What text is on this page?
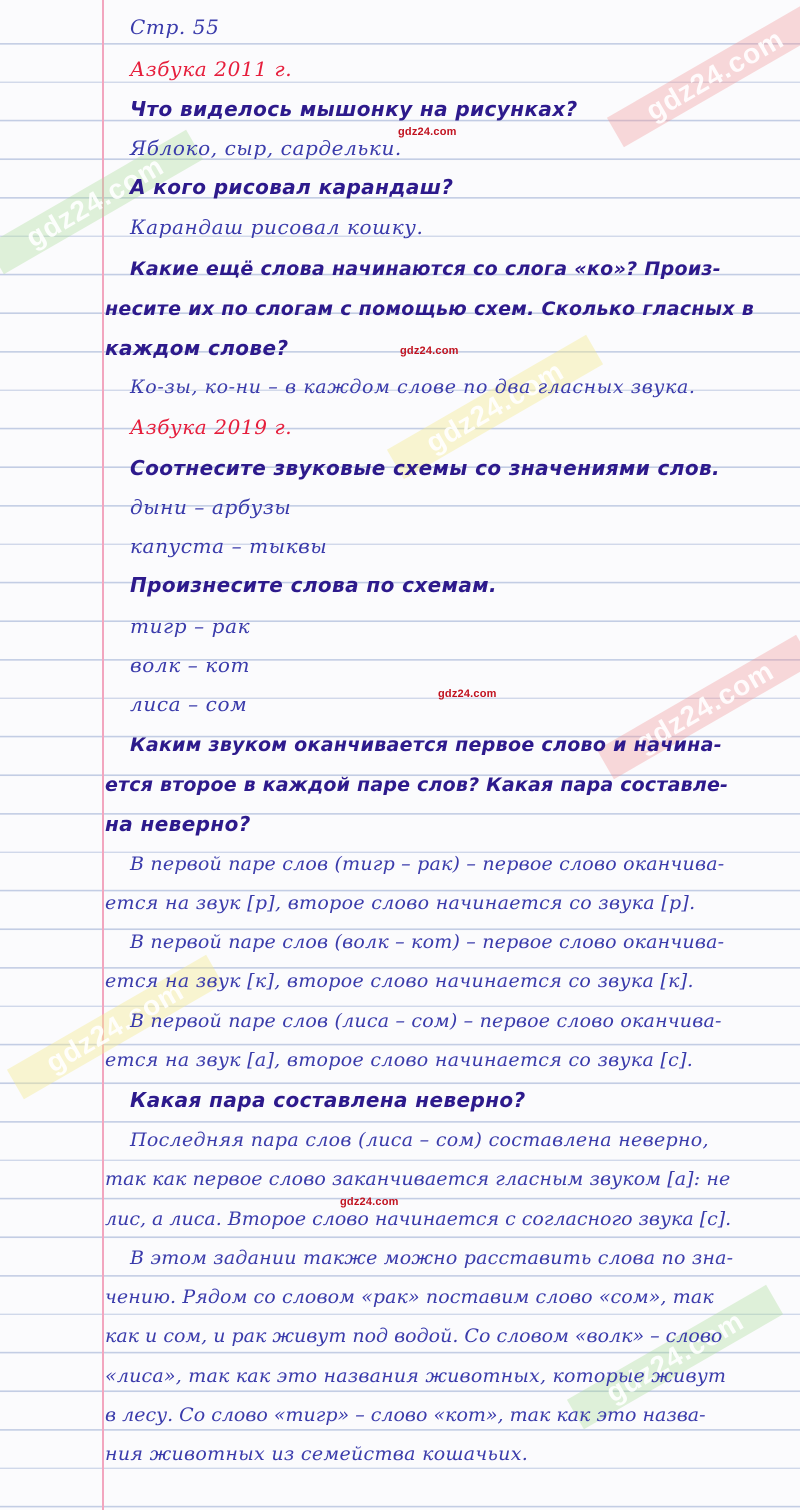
gdz24.com
gdz24.com
gdz24.com
gdz24.com
gdz24.com
gdz24.com
gdz24.com
gdz24.com
gdz24.com
gdz24.com
Стр. 55
Азбука 2011 г.
Что виделось мышонку на рисунках?
Яблоко, сыр, сардельки.
А кого рисовал карандаш?
Карандаш рисовал кошку.
Какие ещё слова начинаются со слога «ко»? Произ-
несите их по слогам с помощью схем. Сколько гласных в
каждом слове?
Ко-зы, ко-ни – в каждом слове по два гласных звука.
Азбука 2019 г.
Соотнесите звуковые схемы со значениями слов.
дыни – арбузы
капуста – тыквы
Произнесите слова по схемам.
тигр – рак
волк – кот
лиса – сом
Каким звуком оканчивается первое слово и начина-
ется второе в каждой паре слов? Какая пара составле-
на неверно?
В первой паре слов (тигр – рак) – первое слово оканчива-
ется на звук [р], второе слово начинается со звука [р].
В первой паре слов (волк – кот) – первое слово оканчива-
ется на звук [к], второе слово начинается со звука [к].
В первой паре слов (лиса – сом) – первое слово оканчива-
ется на звук [а], второе слово начинается со звука [с].
Какая пара составлена неверно?
Последняя пара слов (лиса – сом) составлена неверно,
так как первое слово заканчивается гласным звуком [а]: не
лис, а лиса. Второе слово начинается с согласного звука [с].
В этом задании также можно расставить слова по зна-
чению. Рядом со словом «рак» поставим слово «сом», так
как и сом, и рак живут под водой. Со словом «волк» – слово
«лиса», так как это названия животных, которые живут
в лесу. Со слово «тигр» – слово «кот», так как это назва-
ния животных из семейства кошачьих.
